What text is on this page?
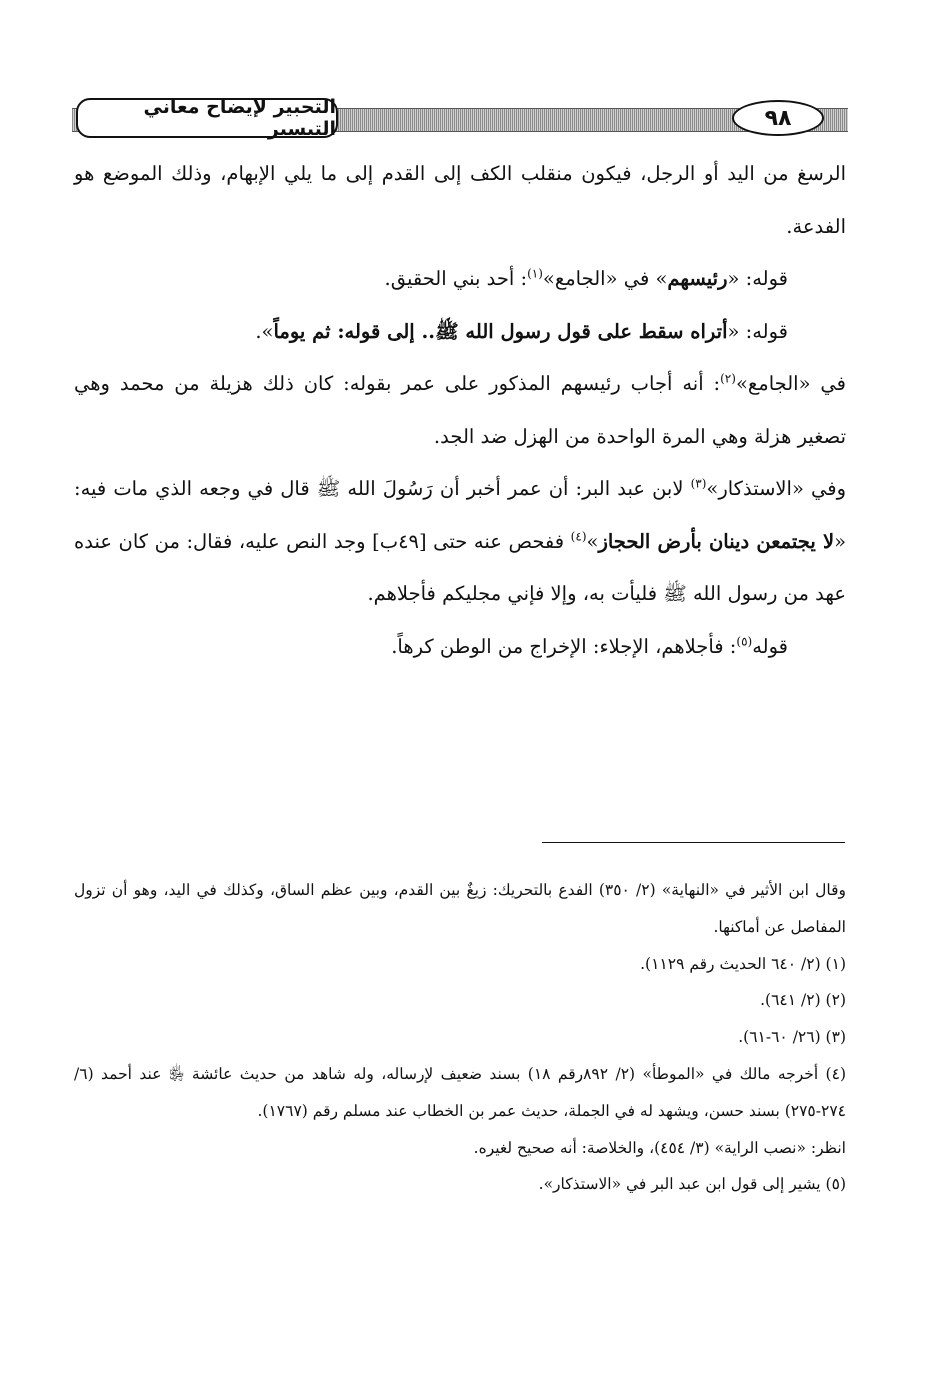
التحبير لإيضاح معاني التيسير	٩٨

الرسغ من اليد أو الرجل، فيكون منقلب الكف إلى القدم إلى ما يلي الإبهام، وذلك الموضع هو الفدعة.

قوله: «رئيسهم» في «الجامع»$^{(١)}$: أحد بني الحقيق.

قوله: «أتراه سقط على قول رسول الله ﷺ.. إلى قوله: ثم يوماً».

في «الجامع»$^{(٢)}$: أنه أجاب رئيسهم المذكور على عمر بقوله: كان ذلك هزيلة من محمد وهي تصغير هزلة وهي المرة الواحدة من الهزل ضد الجد.

وفي «الاستذكار»$^{(٣)}$ لابن عبد البر: أن عمر أخبر أن رَسُولَ الله ﷺ قال في وجعه الذي مات فيه: «لا يجتمعن دينان بأرض الحجاز»$^{(٤)}$ ففحص عنه حتى [٤٩ب] وجد النص عليه، فقال: من كان عنده عهد من رسول الله ﷺ فليأت به، وإلا فإني مجليكم فأجلاهم.

قوله$^{(٥)}$: فأجلاهم، الإجلاء: الإخراج من الوطن كرهاً.

وقال ابن الأثير في «النهاية» (٢/ ٣٥٠) الفدع بالتحريك: زيغٌ بين القدم، وبين عظم الساق، وكذلك في اليد، وهو أن تزول المفاصل عن أماكنها.

(١) (٢/ ٦٤٠ الحديث رقم ١١٢٩).

(٢) (٢/ ٦٤١).

(٣) (٢٦/ ٦٠-٦١).

(٤) أخرجه مالك في «الموطأ» (٢/ ٨٩٢رقم ١٨) بسند ضعيف لإرساله، وله شاهد من حديث عائشة ﵂ عند أحمد (٦/ ٢٧٤-٢٧٥) بسند حسن، ويشهد له في الجملة، حديث عمر بن الخطاب عند مسلم رقم (١٧٦٧).

انظر: «نصب الراية» (٣/ ٤٥٤)، والخلاصة: أنه صحيح لغيره.

(٥) يشير إلى قول ابن عبد البر في «الاستذكار».
